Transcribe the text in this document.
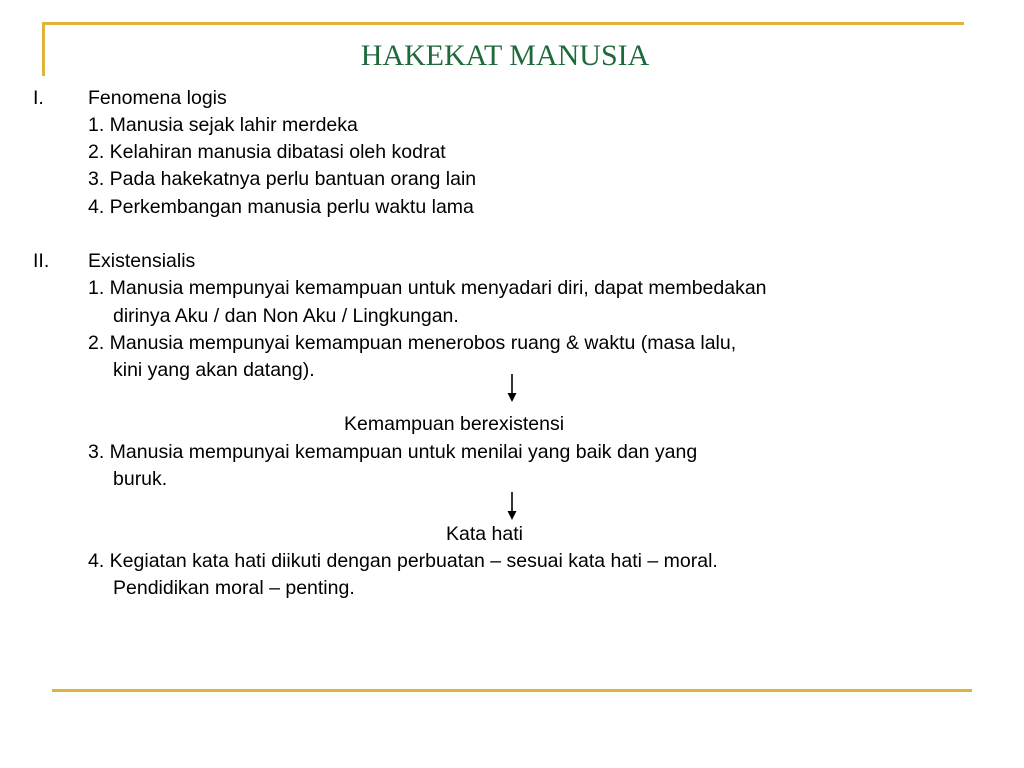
HAKEKAT MANUSIA
I. Fenomena logis
1. Manusia sejak lahir merdeka
2. Kelahiran manusia dibatasi oleh kodrat
3. Pada hakekatnya perlu bantuan orang lain
4. Perkembangan manusia perlu waktu lama
II. Existensialis
1. Manusia mempunyai kemampuan untuk menyadari diri, dapat membedakan
dirinya Aku / dan Non Aku / Lingkungan.
2. Manusia mempunyai kemampuan menerobos ruang & waktu (masa lalu,
kini yang akan datang).
Kemampuan berexistensi
3. Manusia mempunyai kemampuan untuk menilai yang baik dan yang
buruk.
Kata hati
4. Kegiatan kata hati diikuti dengan perbuatan – sesuai kata hati – moral.
Pendidikan moral – penting.
